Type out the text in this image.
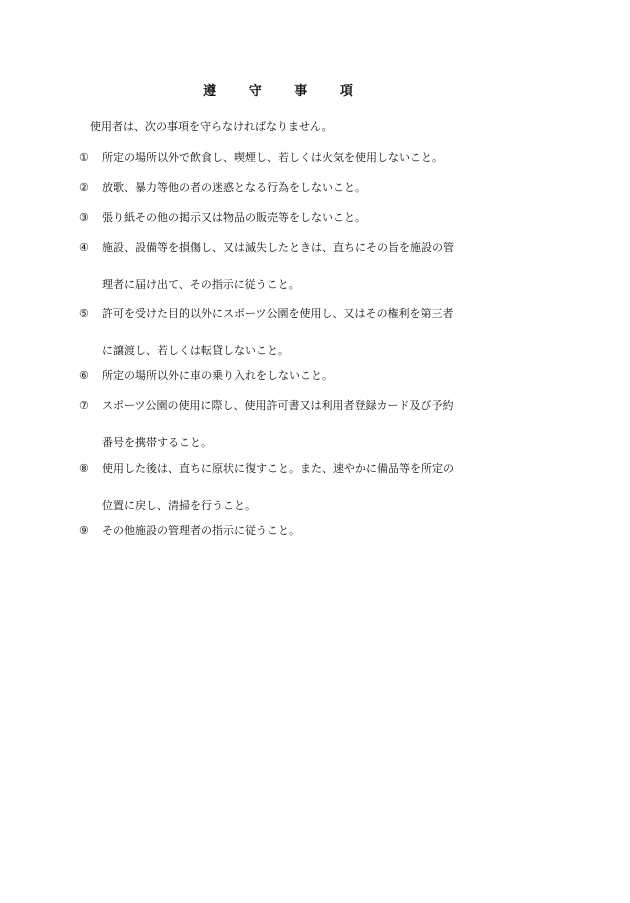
遵	守	事	項
使用者は、次の事項を守らなければなりません。
①	所定の場所以外で飲食し、喫煙し、若しくは火気を使用しないこと。
②	放歌、暴力等他の者の迷惑となる行為をしないこと。
③	張り紙その他の掲示又は物品の販売等をしないこと。
④	施設、設備等を損傷し、又は滅失したときは、直ちにその旨を施設の管
理者に届け出て、その指示に従うこと。
⑤	許可を受けた目的以外にスポーツ公園を使用し、又はその権利を第三者
に譲渡し、若しくは転貸しないこと。
⑥	所定の場所以外に車の乗り入れをしないこと。
⑦	スポーツ公園の使用に際し、使用許可書又は利用者登録カード及び予約
番号を携帯すること。
⑧	使用した後は、直ちに原状に復すこと。また、速やかに備品等を所定の
位置に戻し、清掃を行うこと。
⑨	その他施設の管理者の指示に従うこと。
